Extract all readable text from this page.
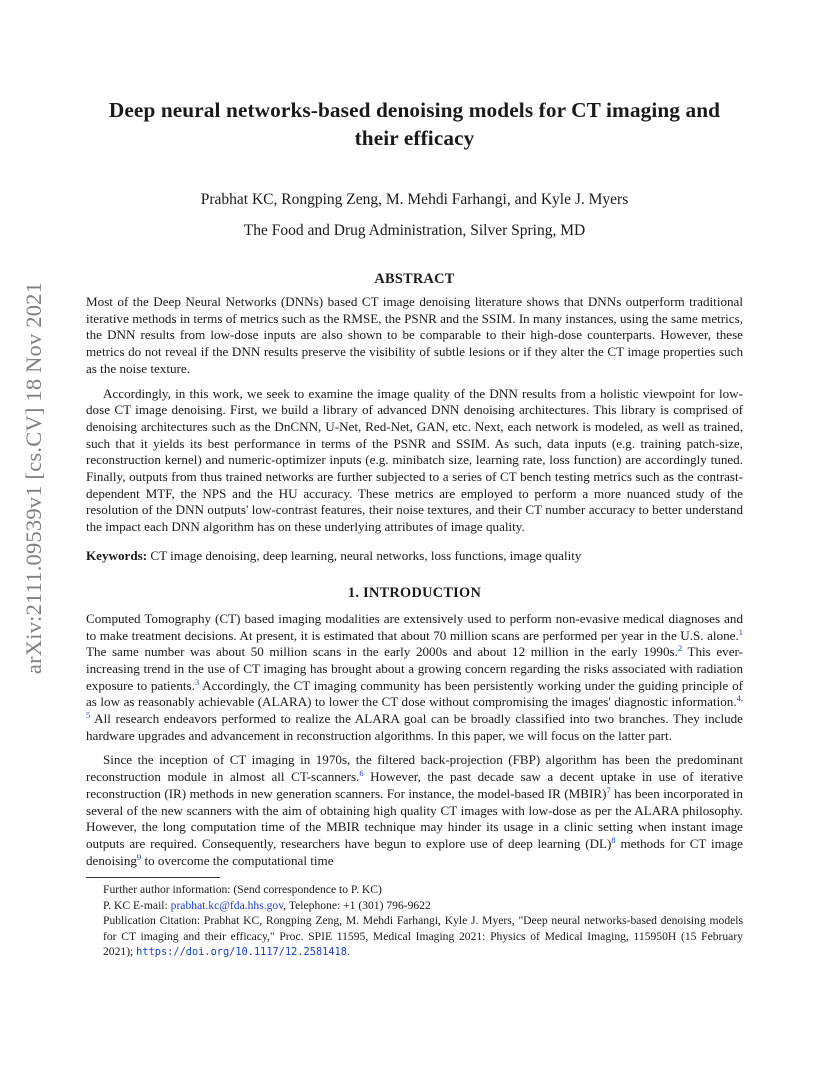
arXiv:2111.09539v1 [cs.CV] 18 Nov 2021
Deep neural networks-based denoising models for CT imaging and their efficacy
Prabhat KC, Rongping Zeng, M. Mehdi Farhangi, and Kyle J. Myers
The Food and Drug Administration, Silver Spring, MD
ABSTRACT

Most of the Deep Neural Networks (DNNs) based CT image denoising literature shows that DNNs outperform traditional iterative methods in terms of metrics such as the RMSE, the PSNR and the SSIM. In many instances, using the same metrics, the DNN results from low-dose inputs are also shown to be comparable to their high-dose counterparts. However, these metrics do not reveal if the DNN results preserve the visibility of subtle lesions or if they alter the CT image properties such as the noise texture.

Accordingly, in this work, we seek to examine the image quality of the DNN results from a holistic viewpoint for low-dose CT image denoising. First, we build a library of advanced DNN denoising architectures. This library is comprised of denoising architectures such as the DnCNN, U-Net, Red-Net, GAN, etc. Next, each network is modeled, as well as trained, such that it yields its best performance in terms of the PSNR and SSIM. As such, data inputs (e.g. training patch-size, reconstruction kernel) and numeric-optimizer inputs (e.g. minibatch size, learning rate, loss function) are accordingly tuned. Finally, outputs from thus trained networks are further subjected to a series of CT bench testing metrics such as the contrast-dependent MTF, the NPS and the HU accuracy. These metrics are employed to perform a more nuanced study of the resolution of the DNN outputs' low-contrast features, their noise textures, and their CT number accuracy to better understand the impact each DNN algorithm has on these underlying attributes of image quality.

Keywords: CT image denoising, deep learning, neural networks, loss functions, image quality
1. INTRODUCTION

Computed Tomography (CT) based imaging modalities are extensively used to perform non-evasive medical diagnoses and to make treatment decisions. At present, it is estimated that about 70 million scans are performed per year in the U.S. alone.$^1$ The same number was about 50 million scans in the early 2000s and about 12 million in the early 1990s.$^2$ This ever-increasing trend in the use of CT imaging has brought about a growing concern regarding the risks associated with radiation exposure to patients.$^3$ Accordingly, the CT imaging community has been persistently working under the guiding principle of as low as reasonably achievable (ALARA) to lower the CT dose without compromising the images' diagnostic information.$^{4, 5}$ All research endeavors performed to realize the ALARA goal can be broadly classified into two branches. They include hardware upgrades and advancement in reconstruction algorithms. In this paper, we will focus on the latter part.

Since the inception of CT imaging in 1970s, the filtered back-projection (FBP) algorithm has been the predominant reconstruction module in almost all CT-scanners.$^6$ However, the past decade saw a decent uptake in use of iterative reconstruction (IR) methods in new generation scanners. For instance, the model-based IR (MBIR)$^7$ has been incorporated in several of the new scanners with the aim of obtaining high quality CT images with low-dose as per the ALARA philosophy. However, the long computation time of the MBIR technique may hinder its usage in a clinic setting when instant image outputs are required. Consequently, researchers have begun to explore use of deep learning (DL)$^8$ methods for CT image denoising$^9$ to overcome the computational time

Further author information: (Send correspondence to P. KC)
P. KC E-mail: prabhat.kc@fda.hhs.gov, Telephone: +1 (301) 796-9622
Publication Citation: Prabhat KC, Rongping Zeng, M. Mehdi Farhangi, Kyle J. Myers, "Deep neural networks-based denoising models for CT imaging and their efficacy," Proc. SPIE 11595, Medical Imaging 2021: Physics of Medical Imaging, 115950H (15 February 2021); https://doi.org/10.1117/12.2581418.
